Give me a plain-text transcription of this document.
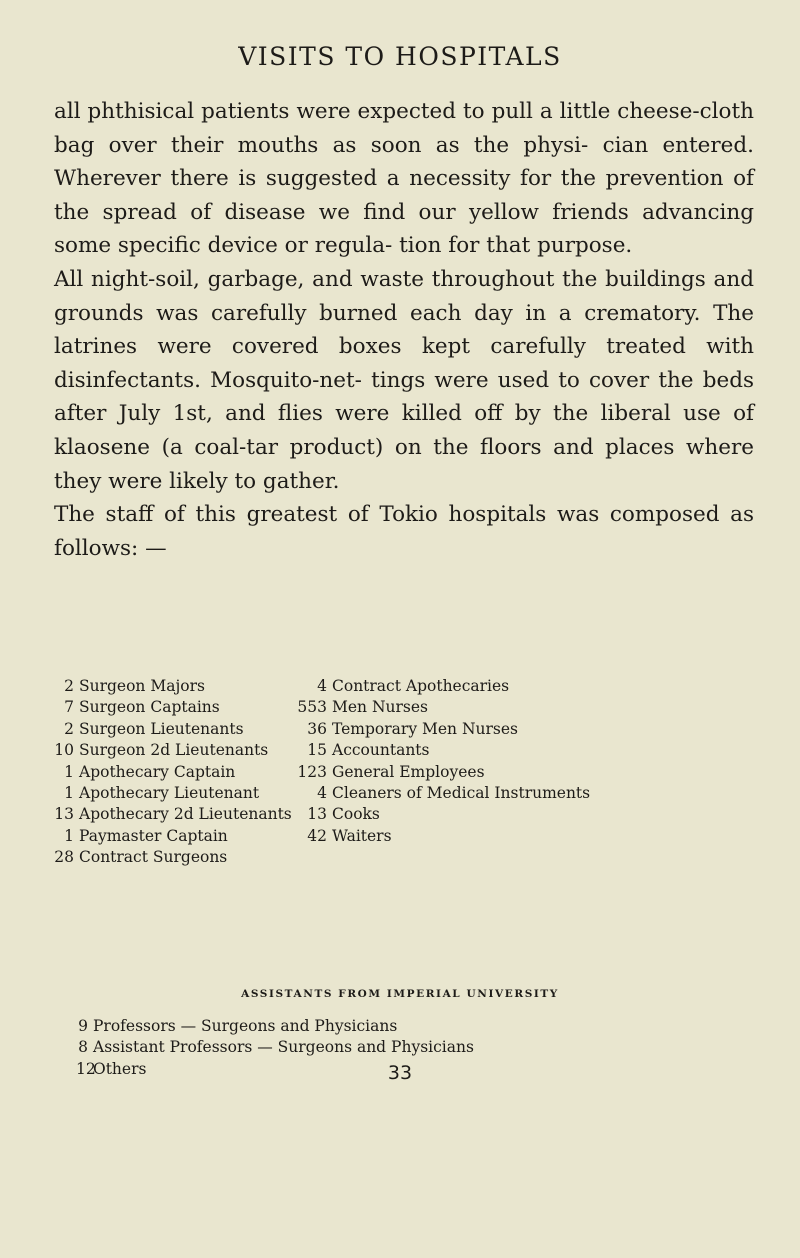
VISITS TO HOSPITALS

all phthisical patients were expected to pull a little cheese-cloth bag over their mouths as soon as the physi- cian entered. Wherever there is suggested a necessity for the prevention of the spread of disease we find our yellow friends advancing some specific device or regula- tion for that purpose.

All night-soil, garbage, and waste throughout the buildings and grounds was carefully burned each day in a crematory. The latrines were covered boxes kept carefully treated with disinfectants. Mosquito-net- tings were used to cover the beds after July 1st, and flies were killed off by the liberal use of klaosene (a coal-tar product) on the floors and places where they were likely to gather.

The staff of this greatest of Tokio hospitals was composed as follows: —

2 Surgeon Majors
7 Surgeon Captains
2 Surgeon Lieutenants
10 Surgeon 2d Lieutenants
1 Apothecary Captain
1 Apothecary Lieutenant
13 Apothecary 2d Lieutenants
1 Paymaster Captain
28 Contract Surgeons
4 Contract Apothecaries
553 Men Nurses
36 Temporary Men Nurses
15 Accountants
123 General Employees
4 Cleaners of Medical Instruments
13 Cooks
42 Waiters
ASSISTANTS FROM IMPERIAL UNIVERSITY
9 Professors — Surgeons and Physicians
8 Assistant Professors — Surgeons and Physicians
12Others	33
